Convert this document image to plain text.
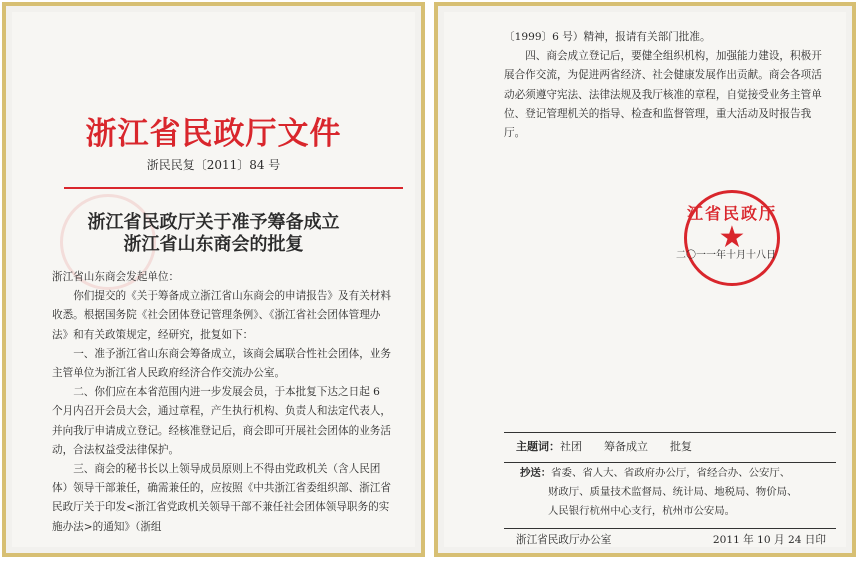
浙江省民政厅文件
浙民民复〔2011〕84 号
浙江省民政厅关于准予筹备成立
浙江省山东商会的批复

浙江省山东商会发起单位：

你们提交的《关于筹备成立浙江省山东商会的申请报告》及有关材料收悉。根据国务院《社会团体登记管理条例》、《浙江省社会团体管理办法》和有关政策规定，经研究，批复如下：

一、准予浙江省山东商会筹备成立，该商会属联合性社会团体，业务主管单位为浙江省人民政府经济合作交流办公室。

二、你们应在本省范围内进一步发展会员，于本批复下达之日起 6 个月内召开会员大会，通过章程，产生执行机构、负责人和法定代表人，并向我厅申请成立登记。经核准登记后，商会即可开展社会团体的业务活动，合法权益受法律保护。

三、商会的秘书长以上领导成员原则上不得由党政机关（含人民团体）领导干部兼任，确需兼任的，应按照《中共浙江省委组织部、浙江省民政厅关于印发<浙江省党政机关领导干部不兼任社会团体领导职务的实施办法>的通知》（浙组

〔1999〕6 号）精神，报请有关部门批准。

四、商会成立登记后，要健全组织机构，加强能力建设，积极开展合作交流，为促进两省经济、社会健康发展作出贡献。商会各项活动必须遵守宪法、法律法规及我厅核准的章程，自觉接受业务主管单位、登记管理机关的指导、检查和监督管理，重大活动及时报告我厅。

江省民政厅
★
二〇一一年十月十八日
主题词：社团　　筹备成立　　批复

抄送：省委、省人大、省政府办公厅，省经合办、公安厅、

财政厅、质量技术监督局、统计局、地税局、物价局、

人民银行杭州中心支行，杭州市公安局。

浙江省民政厅办公室	2011 年 10 月 24 日印
